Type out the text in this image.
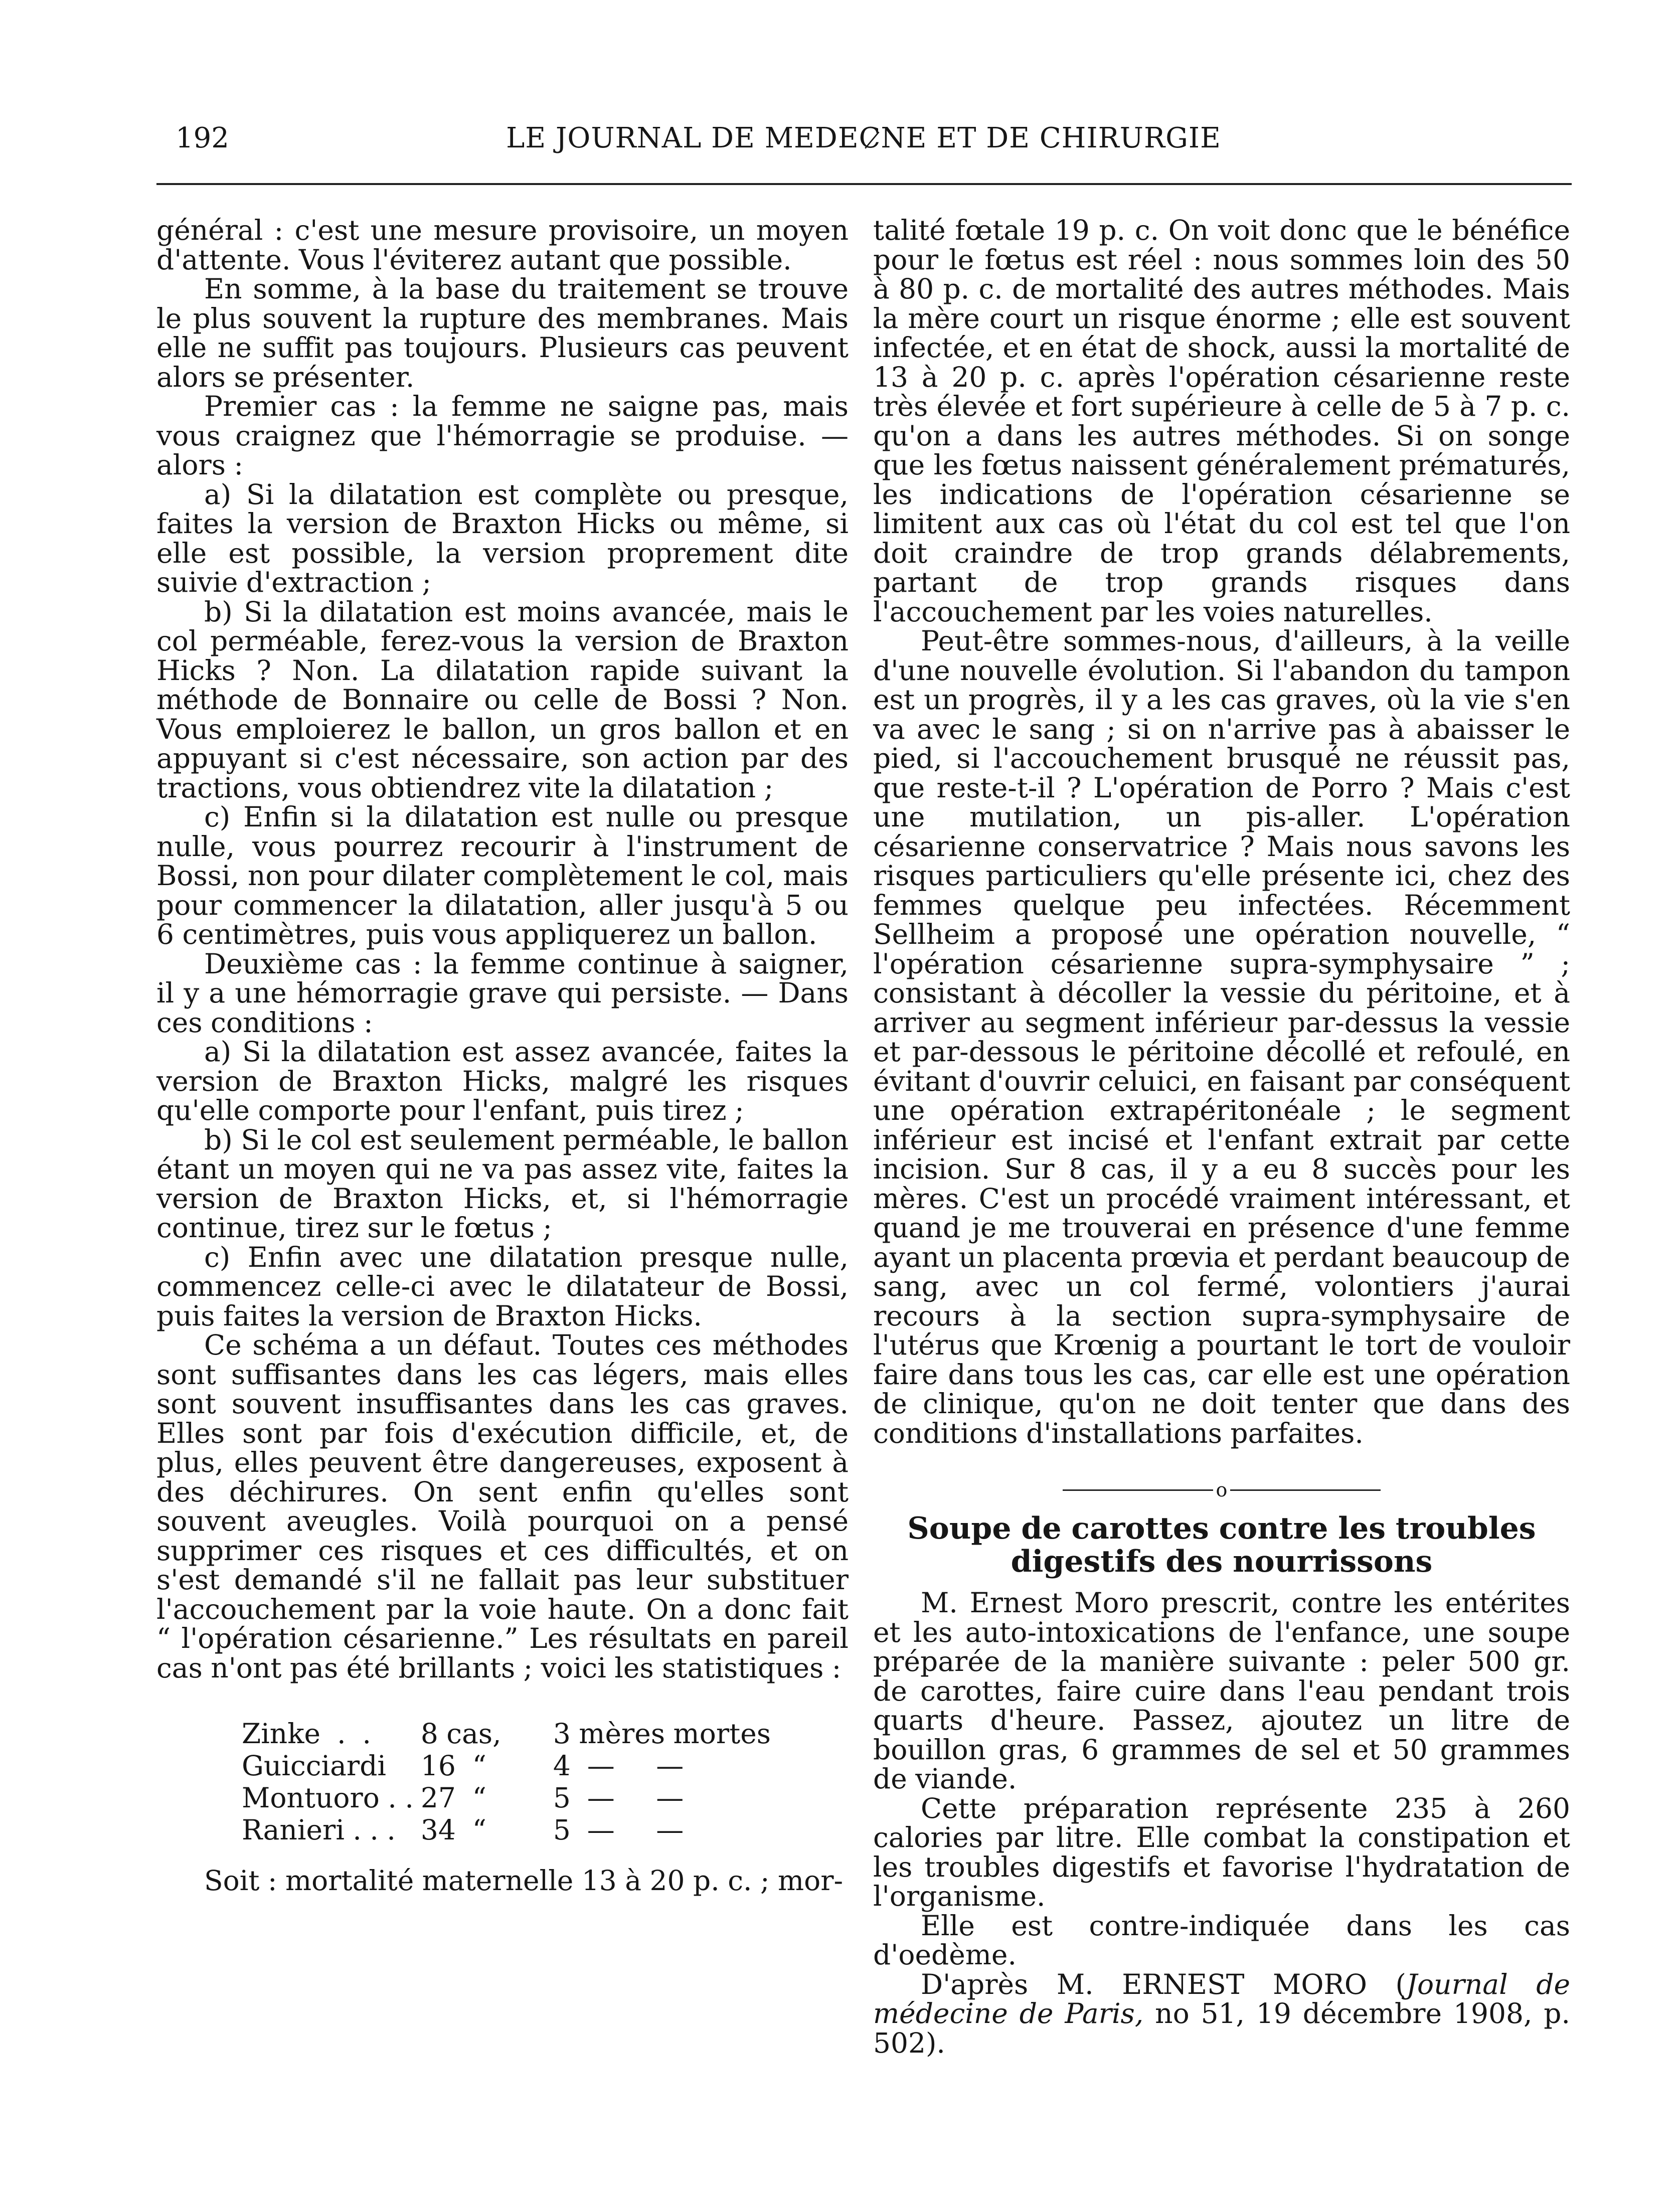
192	LE JOURNAL DE MEDEC̷NE ET DE CHIRURGIE

général : c'est une mesure provisoire, un moyen d'attente. Vous l'éviterez autant que possible.

En somme, à la base du traitement se trouve le plus souvent la rupture des membranes. Mais elle ne suffit pas toujours. Plusieurs cas peuvent alors se présenter.

Premier cas : la femme ne saigne pas, mais vous craignez que l'hémorragie se produise. — alors :

a) Si la dilatation est complète ou presque, faites la version de Braxton Hicks ou même, si elle est possible, la version proprement dite suivie d'extraction ;

b) Si la dilatation est moins avancée, mais le col perméable, ferez-vous la version de Braxton Hicks ? Non. La dilatation rapide suivant la méthode de Bonnaire ou celle de Bossi ? Non. Vous emploierez le ballon, un gros ballon et en appuyant si c'est nécessaire, son action par des tractions, vous obtiendrez vite la dilatation ;

c) Enfin si la dilatation est nulle ou presque nulle, vous pourrez recourir à l'instrument de Bossi, non pour dilater complètement le col, mais pour commencer la dilatation, aller jusqu'à 5 ou 6 centimètres, puis vous appliquerez un ballon.

Deuxième cas : la femme continue à saigner, il y a une hémorragie grave qui persiste. — Dans ces conditions :

a) Si la dilatation est assez avancée, faites la version de Braxton Hicks, malgré les risques qu'elle comporte pour l'enfant, puis tirez ;

b) Si le col est seulement perméable, le ballon étant un moyen qui ne va pas assez vite, faites la version de Braxton Hicks, et, si l'hémorragie continue, tirez sur le fœtus ;

c) Enfin avec une dilatation presque nulle, commencez celle-ci avec le dilatateur de Bossi, puis faites la version de Braxton Hicks.

Ce schéma a un défaut. Toutes ces méthodes sont suffisantes dans les cas légers, mais elles sont souvent insuffisantes dans les cas graves. Elles sont par fois d'exécution difficile, et, de plus, elles peuvent être dangereuses, exposent à des déchirures. On sent enfin qu'elles sont souvent aveugles. Voilà pourquoi on a pensé supprimer ces risques et ces difficultés, et on s'est demandé s'il ne fallait pas leur substituer l'accouchement par la voie haute. On a donc fait “ l'opération césarienne.” Les résultats en pareil cas n'ont pas été brillants ; voici les statistiques :

Zinke  .  .	8 cas,	3 mères mortes
Guicciardi	16  “	4  —     —
Montuoro . .	27  “	5  —     —
Ranieri . . .	34  “	5  —     —

Soit : mortalité maternelle 13 à 20 p. c. ; mor-

talité fœtale 19 p. c. On voit donc que le bénéfice pour le fœtus est réel : nous sommes loin des 50 à 80 p. c. de mortalité des autres méthodes. Mais la mère court un risque énorme ; elle est souvent infectée, et en état de shock, aussi la mortalité de 13 à 20 p. c. après l'opération césarienne reste très élevée et fort supérieure à celle de 5 à 7 p. c. qu'on a dans les autres méthodes. Si on songe que les fœtus naissent généralement prématurés, les indications de l'opération césarienne se limitent aux cas où l'état du col est tel que l'on doit craindre de trop grands délabrements, partant de trop grands risques dans l'accouchement par les voies naturelles.

Peut-être sommes-nous, d'ailleurs, à la veille d'une nouvelle évolution. Si l'abandon du tampon est un progrès, il y a les cas graves, où la vie s'en va avec le sang ; si on n'arrive pas à abaisser le pied, si l'accouchement brusqué ne réussit pas, que reste-t-il ? L'opération de Porro ? Mais c'est une mutilation, un pis-aller. L'opération césarienne conservatrice ? Mais nous savons les risques particuliers qu'elle présente ici, chez des femmes quelque peu infectées. Récemment Sellheim a proposé une opération nouvelle, “ l'opération césarienne supra-symphysaire ” ; consistant à décoller la vessie du péritoine, et à arriver au segment inférieur par-dessus la vessie et par-dessous le péritoine décollé et refoulé, en évitant d'ouvrir celuici, en faisant par conséquent une opération extrapéritonéale ; le segment inférieur est incisé et l'enfant extrait par cette incision. Sur 8 cas, il y a eu 8 succès pour les mères. C'est un procédé vraiment intéressant, et quand je me trouverai en présence d'une femme ayant un placenta prœvia et perdant beaucoup de sang, avec un col fermé, volontiers j'aurai recours à la section supra-symphysaire de l'utérus que Krœnig a pourtant le tort de vouloir faire dans tous les cas, car elle est une opération de clinique, qu'on ne doit tenter que dans des conditions d'installations parfaites.

o
Soupe de carottes contre les troubles digestifs des nourrissons

M. Ernest Moro prescrit, contre les entérites et les auto-intoxications de l'enfance, une soupe préparée de la manière suivante : peler 500 gr. de carottes, faire cuire dans l'eau pendant trois quarts d'heure. Passez, ajoutez un litre de bouillon gras, 6 grammes de sel et 50 grammes de viande.

Cette préparation représente 235 à 260 calories par litre. Elle combat la constipation et les troubles digestifs et favorise l'hydratation de l'organisme.

Elle est contre-indiquée dans les cas d'oedème.

D'après M. ERNEST MORO (Journal de médecine de Paris, no 51, 19 décembre 1908, p. 502).
